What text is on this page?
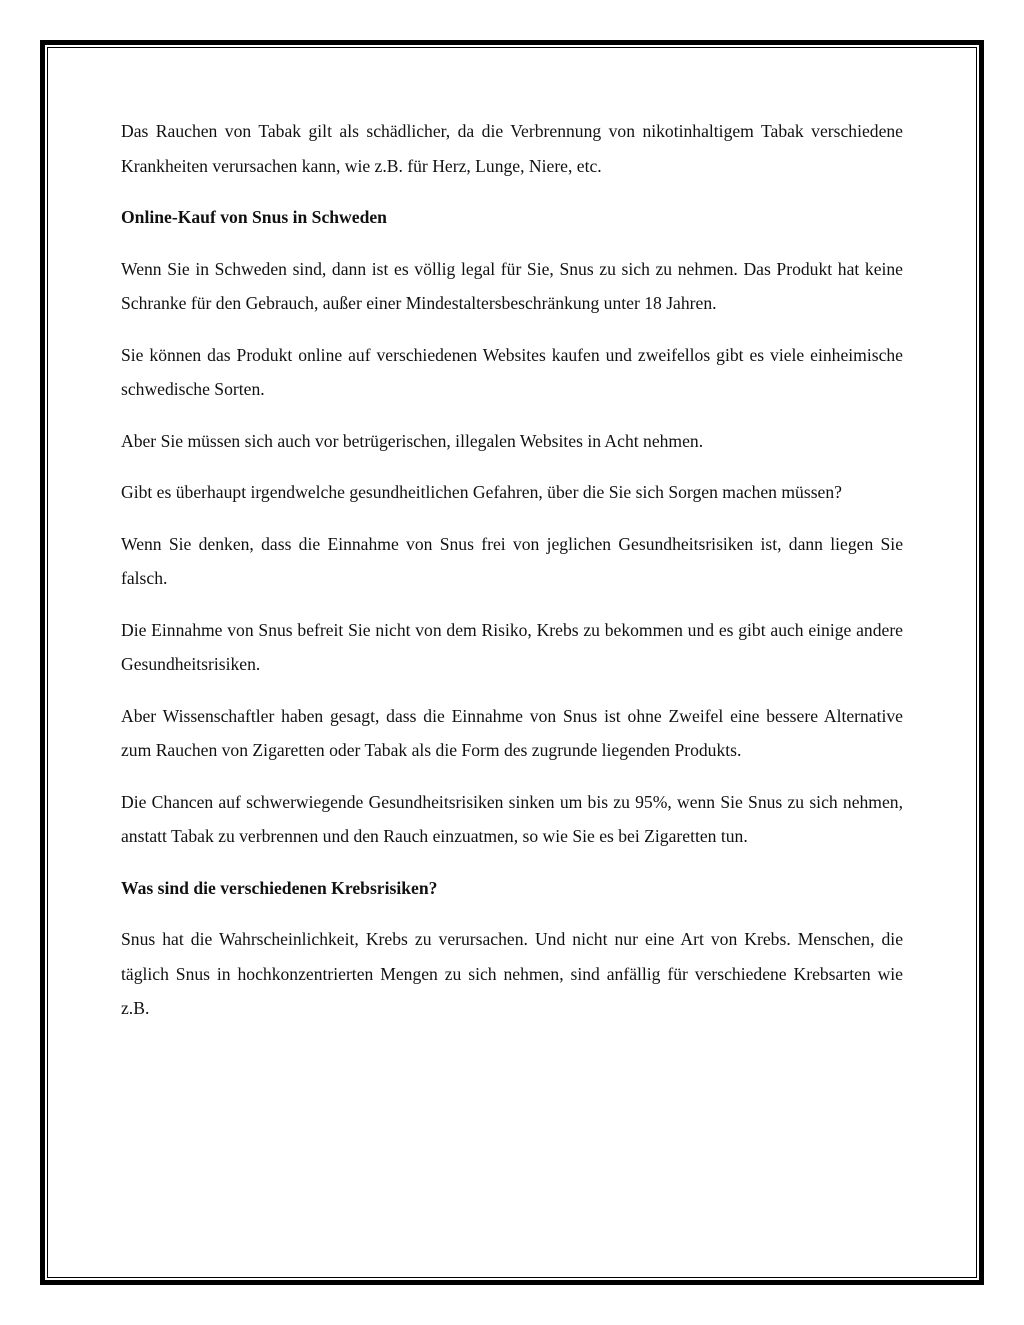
Das Rauchen von Tabak gilt als schädlicher, da die Verbrennung von nikotinhaltigem Tabak verschiedene Krankheiten verursachen kann, wie z.B. für Herz, Lunge, Niere, etc.

Online-Kauf von Snus in Schweden

Wenn Sie in Schweden sind, dann ist es völlig legal für Sie, Snus zu sich zu nehmen. Das Produkt hat keine Schranke für den Gebrauch, außer einer Mindestaltersbeschränkung unter 18 Jahren.

Sie können das Produkt online auf verschiedenen Websites kaufen und zweifellos gibt es viele einheimische schwedische Sorten.

Aber Sie müssen sich auch vor betrügerischen, illegalen Websites in Acht nehmen.

Gibt es überhaupt irgendwelche gesundheitlichen Gefahren, über die Sie sich Sorgen machen müssen?

Wenn Sie denken, dass die Einnahme von Snus frei von jeglichen Gesundheitsrisiken ist, dann liegen Sie falsch.

Die Einnahme von Snus befreit Sie nicht von dem Risiko, Krebs zu bekommen und es gibt auch einige andere Gesundheitsrisiken.

Aber Wissenschaftler haben gesagt, dass die Einnahme von Snus ist ohne Zweifel eine bessere Alternative zum Rauchen von Zigaretten oder Tabak als die Form des zugrunde liegenden Produkts.

Die Chancen auf schwerwiegende Gesundheitsrisiken sinken um bis zu 95%, wenn Sie Snus zu sich nehmen, anstatt Tabak zu verbrennen und den Rauch einzuatmen, so wie Sie es bei Zigaretten tun.

Was sind die verschiedenen Krebsrisiken?

Snus hat die Wahrscheinlichkeit, Krebs zu verursachen. Und nicht nur eine Art von Krebs. Menschen, die täglich Snus in hochkonzentrierten Mengen zu sich nehmen, sind anfällig für verschiedene Krebsarten wie z.B.
